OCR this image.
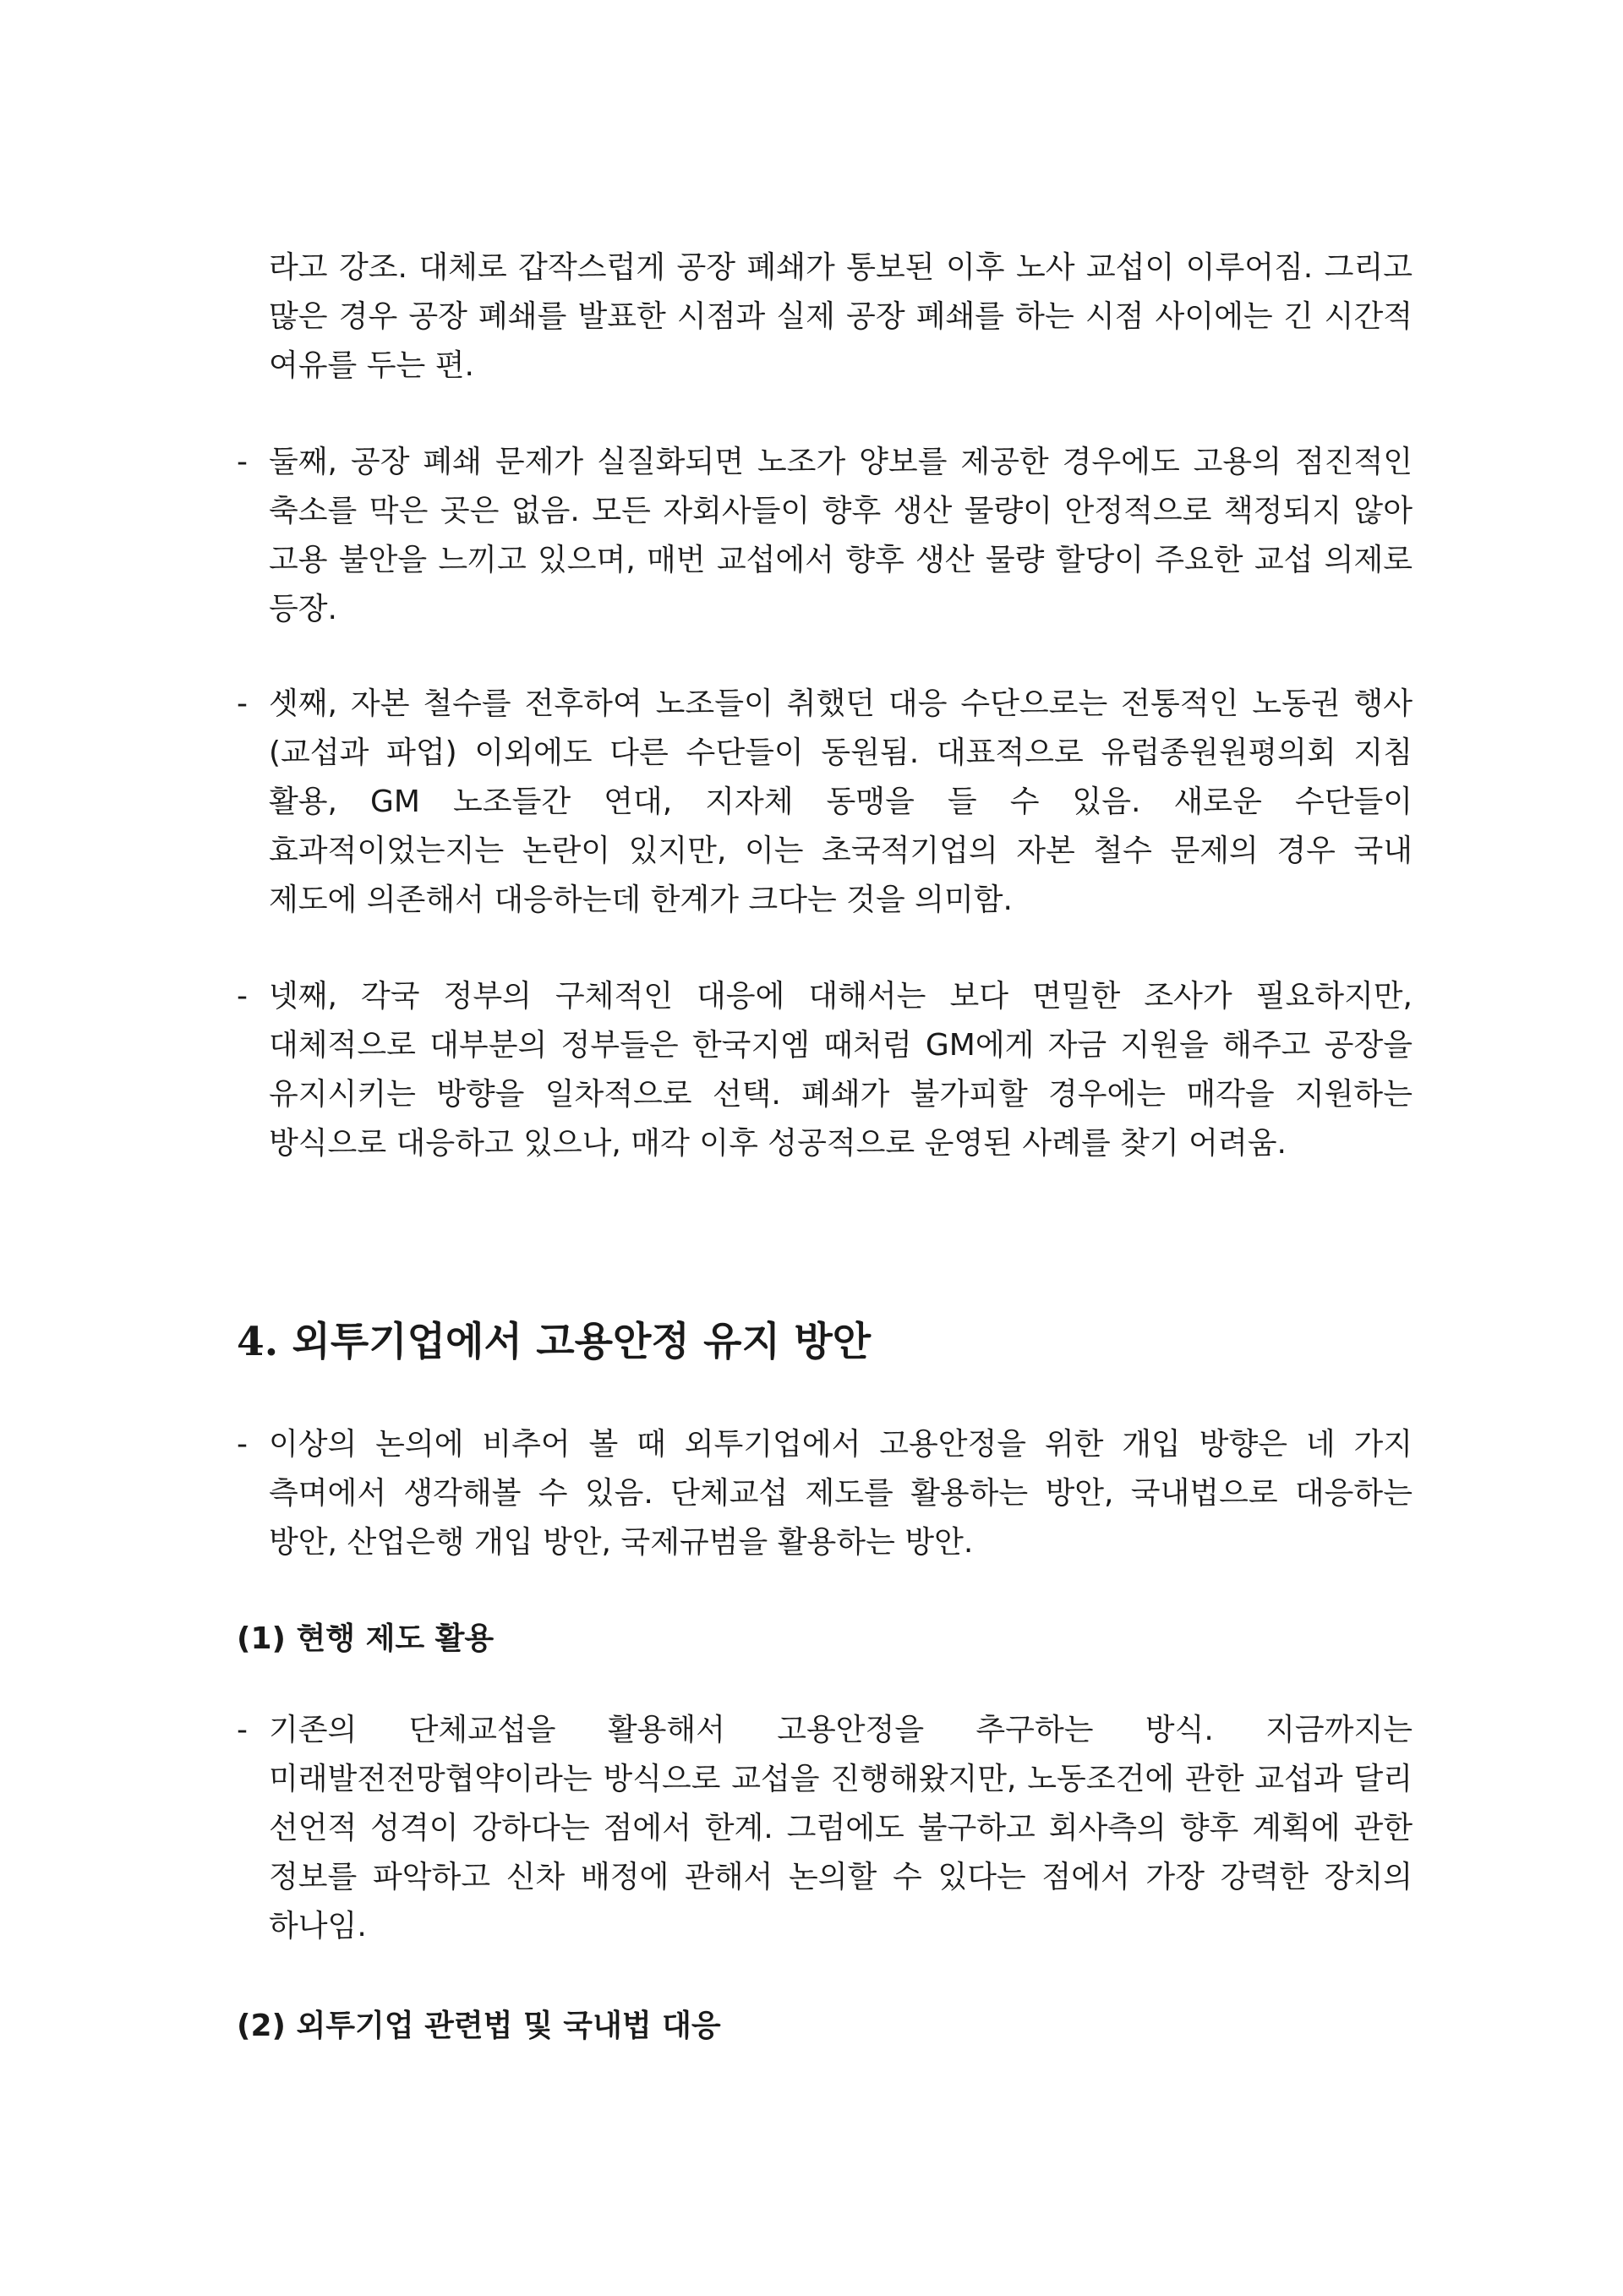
라고 강조. 대체로 갑작스럽게 공장 폐쇄가 통보된 이후 노사 교섭이 이루어짐. 그리고 많은 경우 공장 폐쇄를 발표한 시점과 실제 공장 폐쇄를 하는 시점 사이에는 긴 시간적 여유를 두는 편.
- 둘째, 공장 폐쇄 문제가 실질화되면 노조가 양보를 제공한 경우에도 고용의 점진적인 축소를 막은 곳은 없음. 모든 자회사들이 향후 생산 물량이 안정적으로 책정되지 않아 고용 불안을 느끼고 있으며, 매번 교섭에서 향후 생산 물량 할당이 주요한 교섭 의제로 등장.
- 셋째, 자본 철수를 전후하여 노조들이 취했던 대응 수단으로는 전통적인 노동권 행사(교섭과 파업) 이외에도 다른 수단들이 동원됨. 대표적으로 유럽종원원평의회 지침 활용, GM 노조들간 연대, 지자체 동맹을 들 수 있음. 새로운 수단들이 효과적이었는지는 논란이 있지만, 이는 초국적기업의 자본 철수 문제의 경우 국내 제도에 의존해서 대응하는데 한계가 크다는 것을 의미함.
- 넷째, 각국 정부의 구체적인 대응에 대해서는 보다 면밀한 조사가 필요하지만, 대체적으로 대부분의 정부들은 한국지엠 때처럼 GM에게 자금 지원을 해주고 공장을 유지시키는 방향을 일차적으로 선택. 폐쇄가 불가피할 경우에는 매각을 지원하는 방식으로 대응하고 있으나, 매각 이후 성공적으로 운영된 사례를 찾기 어려움.
4. 외투기업에서 고용안정 유지 방안
- 이상의 논의에 비추어 볼 때 외투기업에서 고용안정을 위한 개입 방향은 네 가지 측며에서 생각해볼 수 있음. 단체교섭 제도를 활용하는 방안, 국내법으로 대응하는 방안, 산업은행 개입 방안, 국제규범을 활용하는 방안.
(1) 현행 제도 활용
- 기존의 단체교섭을 활용해서 고용안정을 추구하는 방식. 지금까지는 미래발전전망협약이라는 방식으로 교섭을 진행해왔지만, 노동조건에 관한 교섭과 달리 선언적 성격이 강하다는 점에서 한계. 그럼에도 불구하고 회사측의 향후 계획에 관한 정보를 파악하고 신차 배정에 관해서 논의할 수 있다는 점에서 가장 강력한 장치의 하나임.
(2) 외투기업 관련법 및 국내법 대응
